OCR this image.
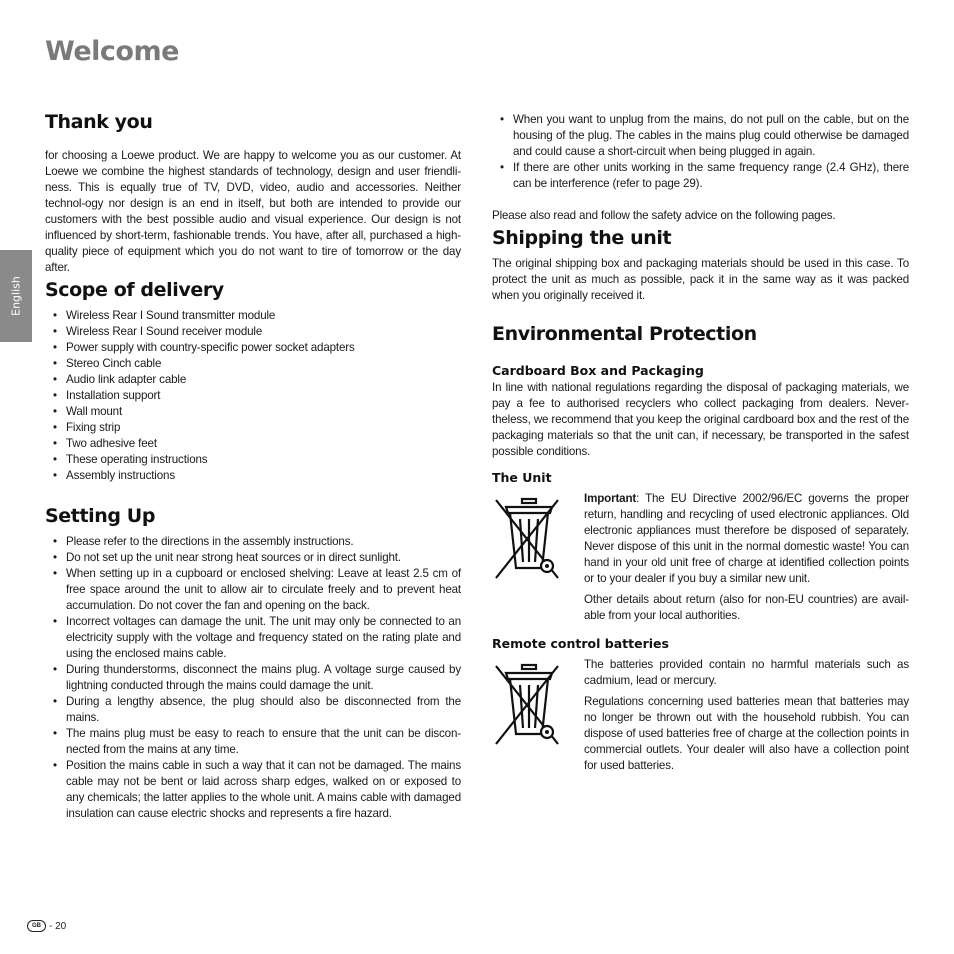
Welcome
English
Thank you

for choosing a Loewe product. We are happy to welcome you as our customer. At Loewe we combine the highest standards of technology, design and user friendli-ness. This is equally true of TV, DVD, video, audio and accessories. Neither technol-ogy nor design is an end in itself, but both are intended to provide our customers with the best possible audio and visual experience. Our design is not influenced by short-term, fashionable trends. You have, after all, purchased a high-quality piece of equipment which you do not want to tire of tomorrow or the day after.

Scope of delivery
• Wireless Rear I Sound transmitter module
• Wireless Rear I Sound receiver module
• Power supply with country-specific power socket adapters
• Stereo Cinch cable
• Audio link adapter cable
• Installation support
• Wall mount
• Fixing strip
• Two adhesive feet
• These operating instructions
• Assembly instructions
Setting Up
• Please refer to the directions in the assembly instructions.
• Do not set up the unit near strong heat sources or in direct sunlight.
• When setting up in a cupboard or enclosed shelving: Leave at least 2.5 cm of free space around the unit to allow air to circulate freely and to prevent heat accumulation. Do not cover the fan and opening on the back.
• Incorrect voltages can damage the unit. The unit may only be connected to an electricity supply with the voltage and frequency stated on the rating plate and using the enclosed mains cable.
• During thunderstorms, disconnect the mains plug. A voltage surge caused by lightning conducted through the mains could damage the unit.
• During a lengthy absence, the plug should also be disconnected from the mains.
• The mains plug must be easy to reach to ensure that the unit can be discon-nected from the mains at any time.
• Position the mains cable in such a way that it can not be damaged. The mains cable may not be bent or laid across sharp edges, walked on or exposed to any chemicals; the latter applies to the whole unit. A mains cable with damaged insulation can cause electric shocks and represents a fire hazard.
• When you want to unplug from the mains, do not pull on the cable, but on the housing of the plug. The cables in the mains plug could otherwise be damaged and could cause a short-circuit when being plugged in again.
• If there are other units working in the same frequency range (2.4 GHz), there can be interference (refer to page 29).

Please also read and follow the safety advice on the following pages.

Shipping the unit

The original shipping box and packaging materials should be used in this case. To protect the unit as much as possible, pack it in the same way as it was packed when you originally received it.

Environmental Protection
Cardboard Box and Packaging

In line with national regulations regarding the disposal of packaging materials, we pay a fee to authorised recyclers who collect packaging from dealers. Never-theless, we recommend that you keep the original cardboard box and the rest of the packaging materials so that the unit can, if necessary, be transported in the safest possible conditions.

The Unit

Important: The EU Directive 2002/96/EC governs the proper return, handling and recycling of used electronic appliances. Old electronic appliances must therefore be disposed of separately. Never dispose of this unit in the normal domestic waste! You can hand in your old unit free of charge at identified collection points or to your dealer if you buy a similar new unit.

Other details about return (also for non-EU countries) are avail-able from your local authorities.

Remote control batteries

The batteries provided contain no harmful materials such as cadmium, lead or mercury.

Regulations concerning used batteries mean that batteries may no longer be thrown out with the household rubbish. You can dispose of used batteries free of charge at the collection points in commercial outlets. Your dealer will also have a collection point for used batteries.

GB - 20
